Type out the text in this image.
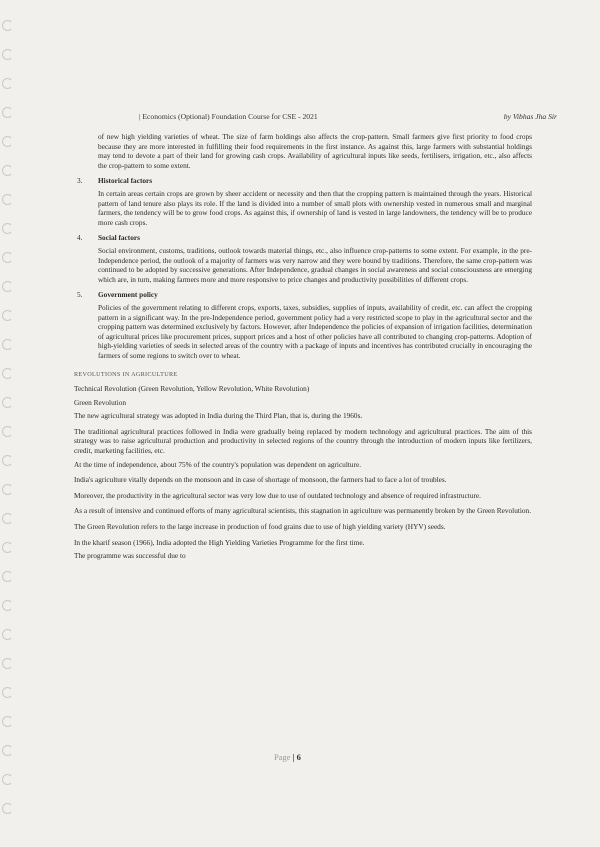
| Economics (Optional) Foundation Course for CSE - 2021	by Vibhas Jha Sir

of new high yielding varieties of wheat. The size of farm holdings also affects the crop-pattern. Small farmers give first priority to food crops because they are more interested in fulfilling their food requirements in the first instance. As against this, large farmers with substantial holdings may tend to devote a part of their land for growing cash crops. Availability of agricultural inputs like seeds, fertilisers, irrigation, etc., also affects the crop-pattern to some extent.

3. Historical factors

In certain areas certain crops are grown by sheer accident or necessity and then that the cropping pattern is maintained through the years. Historical pattern of land tenure also plays its role. If the land is divided into a number of small plots with ownership vested in numerous small and marginal farmers, the tendency will be to grow food crops. As against this, if ownership of land is vested in large landowners, the tendency will be to produce more cash crops.

4. Social factors

Social environment, customs, traditions, outlook towards material things, etc., also influence crop-patterns to some extent. For example, in the pre-Independence period, the outlook of a majority of farmers was very narrow and they were bound by traditions. Therefore, the same crop-pattern was continued to be adopted by successive generations. After Independence, gradual changes in social awareness and social consciousness are emerging which are, in turn, making farmers more and more responsive to price changes and productivity possibilities of different crops.

5. Government policy

Policies of the government relating to different crops, exports, taxes, subsidies, supplies of inputs, availability of credit, etc. can affect the cropping pattern in a significant way. In the pre-Independence period, government policy had a very restricted scope to play in the agricultural sector and the cropping pattern was determined exclusively by factors. However, after Independence the policies of expansion of irrigation facilities, determination of agricultural prices like procurement prices, support prices and a host of other policies have all contributed to changing crop-patterns. Adoption of high-yielding varieties of seeds in selected areas of the country with a package of inputs and incentives has contributed crucially in encouraging the farmers of some regions to switch over to wheat.

REVOLUTIONS IN AGRICULTURE

Technical Revolution (Green Revolution, Yellow Revolution, White Revolution)

Green Revolution

The new agricultural strategy was adopted in India during the Third Plan, that is, during the 1960s.

The traditional agricultural practices followed in India were gradually being replaced by modern technology and agricultural practices. The aim of this strategy was to raise agricultural production and productivity in selected regions of the country through the introduction of modern inputs like fertilizers, credit, marketing facilities, etc.

At the time of independence, about 75% of the country's population was dependent on agriculture.

India's agriculture vitally depends on the monsoon and in case of shortage of monsoon, the farmers had to face a lot of troubles.

Moreover, the productivity in the agricultural sector was very low due to use of outdated technology and absence of required infrastructure.

As a result of intensive and continued efforts of many agricultural scientists, this stagnation in agriculture was permanently broken by the Green Revolution.

The Green Revolution refers to the large increase in production of food grains due to use of high yielding variety (HYV) seeds.

In the kharif season (1966), India adopted the High Yielding Varieties Programme for the first time.

The programme was successful due to

Page | 6
